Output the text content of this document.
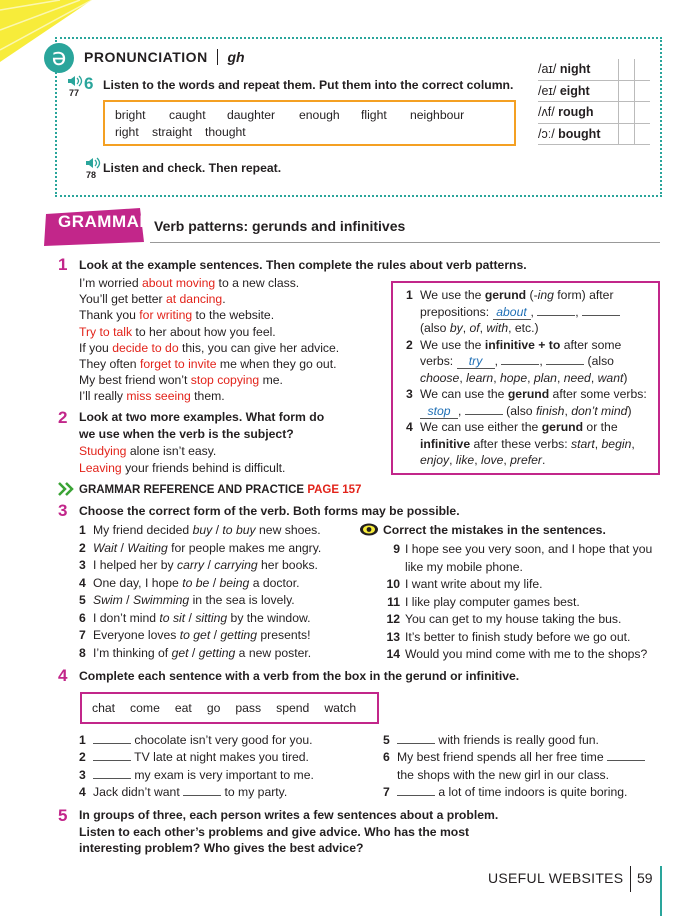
ə	PRONUNCIATION gh
77 6 Listen to the words and repeat them. Put them into the correct column.
bright	caught	daughter	enough	flight	neighbour
right	straight	thought
78 Listen and check. Then repeat.
/aɪ/ night
/eɪ/ eight
/ʌf/ rough
/ɔː/ bought
GRAMMAR Verb patterns: gerunds and infinitives
1 Look at the example sentences. Then complete the rules about verb patterns.
I’m worried about moving to a new class.
You’ll get better at dancing.
Thank you for writing to the website.
Try to talk to her about how you feel.
If you decide to do this, you can give her advice.
They often forget to invite me when they go out.
My best friend won’t stop copying me.
I’ll really miss seeing them.
1 We use the gerund (-ing form) after
prepositions: about ,	,
(also by, of, with, etc.)
2 We use the infinitive + to after some
verbs: try ,	,	(also
choose, learn, hope, plan, need, want)
3 We can use the gerund after some verbs:
stop ,	(also finish, don’t mind)
4 We can use either the gerund or the
infinitive after these verbs: start, begin,
enjoy, like, love, prefer.
2 Look at two more examples. What form do
we use when the verb is the subject?
Studying alone isn’t easy.
Leaving your friends behind is difficult.
GRAMMAR REFERENCE AND PRACTICE PAGE 157
3 Choose the correct form of the verb. Both forms may be possible.
1 My friend decided buy / to buy new shoes.
2 Wait / Waiting for people makes me angry.
3 I helped her by carry / carrying her books.
4 One day, I hope to be / being a doctor.
5 Swim / Swimming in the sea is lovely.
6 I don’t mind to sit / sitting by the window.
7 Everyone loves to get / getting presents!
8 I’m thinking of get / getting a new poster.
Correct the mistakes in the sentences.
9 I hope see you very soon, and I hope that you
like my mobile phone.
10 I want write about my life.
11 I like play computer games best.
12 You can get to my house taking the bus.
13 It’s better to finish study before we go out.
14 Would you mind come with me to the shops?
4 Complete each sentence with a verb from the box in the gerund or infinitive.
chat come eat go pass spend watch
1	chocolate isn’t very good for you.
2	TV late at night makes you tired.
3	my exam is very important to me.
4 Jack didn’t want	to my party.
5	with friends is really good fun.
6 My best friend spends all her free time
the shops with the new girl in our class.
7	a lot of time indoors is quite boring.
5 In groups of three, each person writes a few sentences about a problem.
Listen to each other’s problems and give advice. Who has the most
interesting problem? Who gives the best advice?
USEFUL WEBSITES 59
